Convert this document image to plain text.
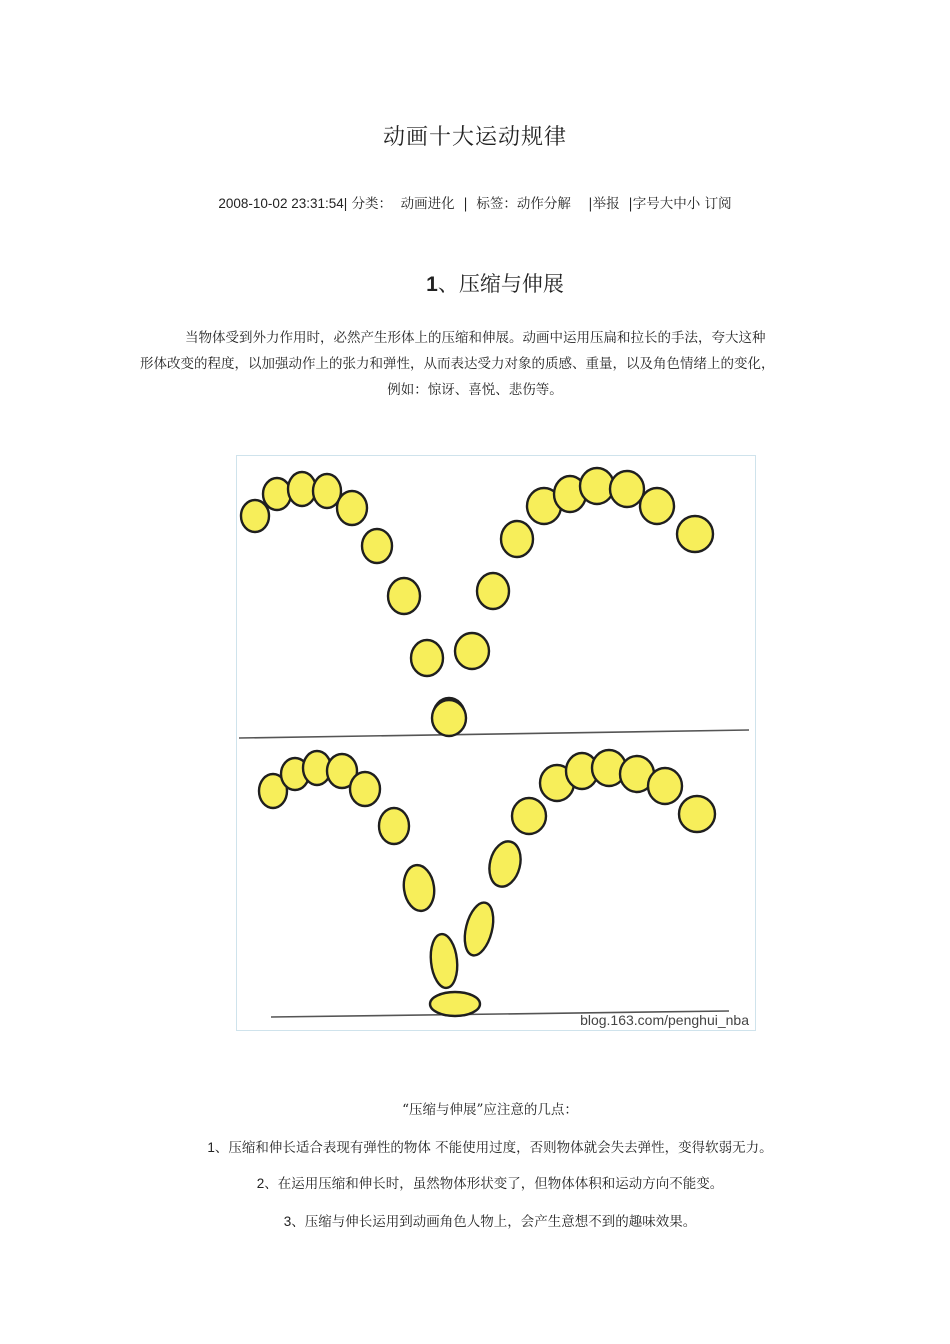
动画十大运动规律
2008-10-02 23:31:54| 分类： 动画进化 | 标签：动作分解 |举报 |字号大中小 订阅
1、压缩与伸展
当物体受到外力作用时，必然产生形体上的压缩和伸展。动画中运用压扁和拉长的手法，夸大这种
形体改变的程度，以加强动作上的张力和弹性，从而表达受力对象的质感、重量，以及角色情绪上的变化，
例如：惊讶、喜悦、悲伤等。
blog.163.com/penghui_nba
“压缩与伸展”应注意的几点：
1、压缩和伸长适合表现有弹性的物体 不能使用过度，否则物体就会失去弹性，变得软弱无力。
2、在运用压缩和伸长时，虽然物体形状变了，但物体体积和运动方向不能变。
3、压缩与伸长运用到动画角色人物上，会产生意想不到的趣味效果。
